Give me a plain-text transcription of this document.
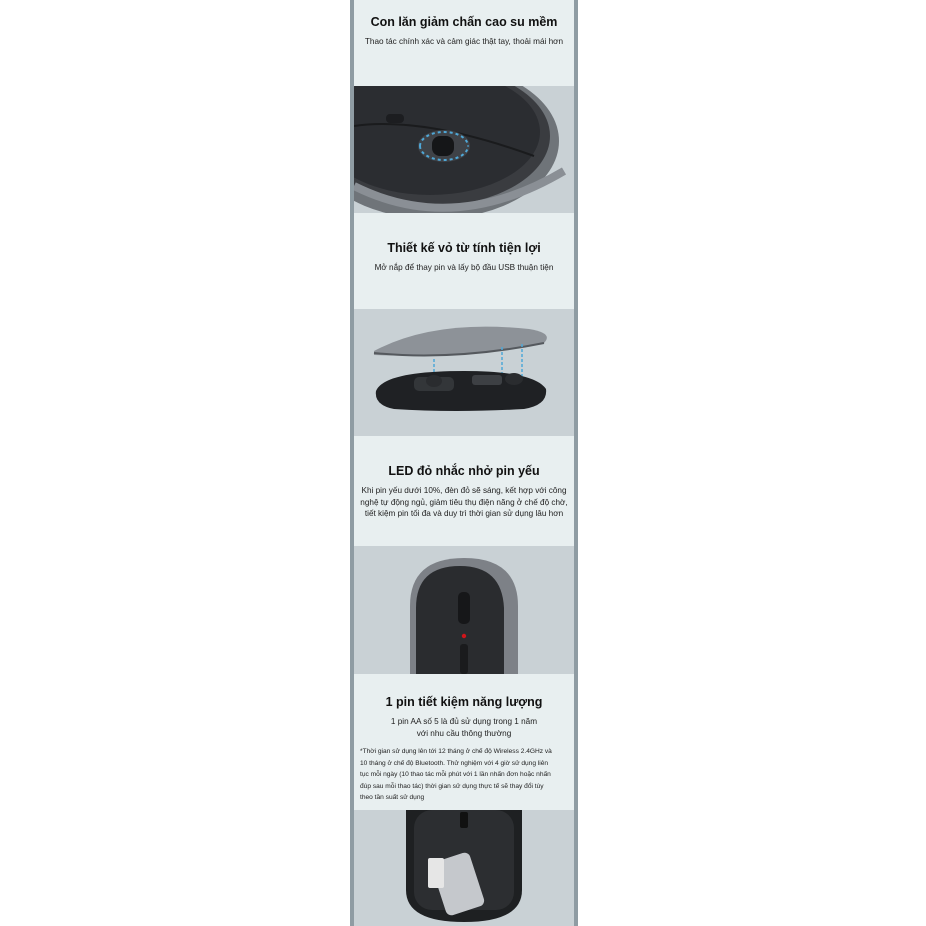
Con lăn giảm chấn cao su mềm

Thao tác chính xác và cảm giác thật tay, thoải mái hơn

Thiết kế vỏ từ tính tiện lợi

Mở nắp để thay pin và lấy bộ đầu USB thuận tiện

LED đỏ nhắc nhở pin yếu

Khi pin yếu dưới 10%, đèn đỏ sẽ sáng, kết hợp với công

nghệ tự động ngủ, giảm tiêu thụ điện năng ở chế độ chờ,

tiết kiệm pin tối đa và duy trì thời gian sử dụng lâu hơn

1 pin tiết kiệm năng lượng

1 pin AA số 5 là đủ sử dụng trong 1 năm

với nhu cầu thông thường

*Thời gian sử dụng lên tới 12 tháng ở chế độ Wireless 2.4GHz và

10 tháng ở chế độ Bluetooth. Thử nghiệm với 4 giờ sử dụng liên

tục mỗi ngày (10 thao tác mỗi phút với 1 lần nhấn đơn hoặc nhấn

đúp sau mỗi thao tác) thời gian sử dụng thực tế sẽ thay đổi tùy

theo tần suất sử dụng
